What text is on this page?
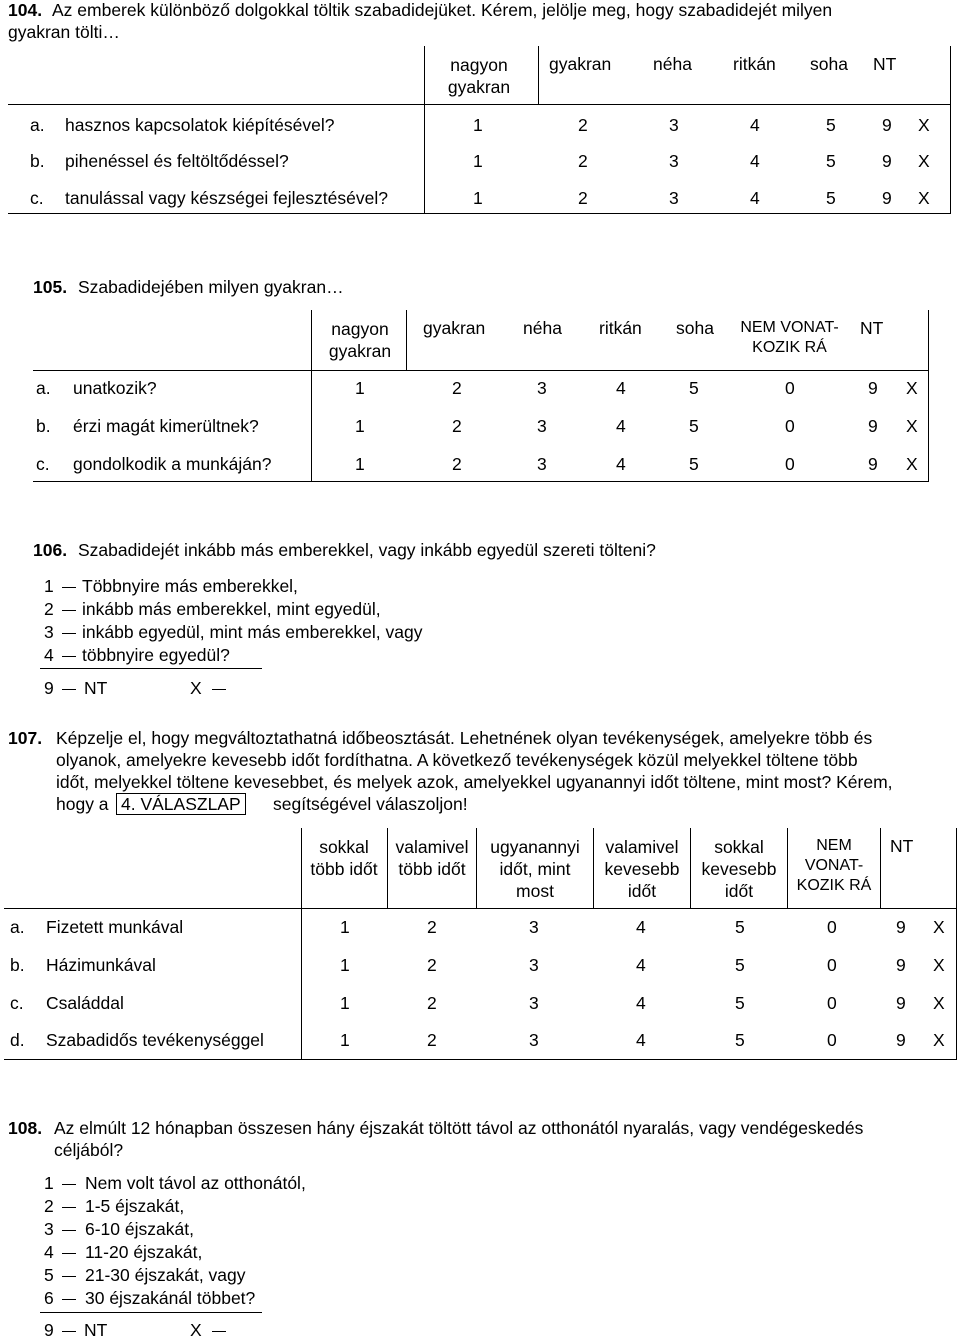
104. Az emberek különböző dolgokkal töltik szabadidejüket. Kérem, jelölje meg, hogy szabadidejét milyen
gyakran tölti…
nagyon gyakran
gyakran néha ritkán soha NT
a. hasznos kapcsolatok kiépítésével?	1	2	3	4	5	9 X
b. pihenéssel és feltöltődéssel?	1	2	3	4	5	9 X
c. tanulással vagy készségei fejlesztésével?	1	2	3	4	5	9 X
105. Szabadidejében milyen gyakran…
nagyon gyakran
gyakran néha ritkán soha	NEM VONAT-KOZIK RÁ
NT
a. unatkozik?	1	2	3	4	5	0	9 X
b. érzi magát kimerültnek?	1	2	3	4	5	0	9 X
c. gondolkodik a munkáján?	1	2	3	4	5	0	9 X
106. Szabadidejét inkább más emberekkel, vagy inkább egyedül szereti tölteni?
1 Többnyire más emberekkel,
2 inkább más emberekkel, mint egyedül,
3 inkább egyedül, mint más emberekkel, vagy
4 többnyire egyedül?
9 NT	X
107. Képzelje el, hogy megváltoztathatná időbeosztását. Lehetnének olyan tevékenységek, amelyekre több és
olyanok, amelyekre kevesebb időt fordíthatna. A következő tevékenységek közül melyekkel töltene több
időt, melyekkel töltene kevesebbet, és melyek azok, amelyekkel ugyanannyi időt töltene, mint most? Kérem,
hogy a 4. VÁLASZLAP segítségével válaszoljon!
sokkal több időt
valamivel több időt
ugyanannyi időt, mint most
valamivel kevesebb időt
sokkal kevesebb időt
NEM VONAT-KOZIK RÁ
NT
a. Fizetett munkával	1	2	3	4	5	0	9 X
b. Házimunkával	1	2	3	4	5	0	9 X
c. Családdal	1	2	3	4	5	0	9 X
d. Szabadidős tevékenységgel	1	2	3	4	5	0	9 X
108. Az elmúlt 12 hónapban összesen hány éjszakát töltött távol az otthonától nyaralás, vagy vendégeskedés
céljából?
1 Nem volt távol az otthonától,
2 1-5 éjszakát,
3 6-10 éjszakát,
4 11-20 éjszakát,
5 21-30 éjszakát, vagy
6 30 éjszakánál többet?
9 NT	X
